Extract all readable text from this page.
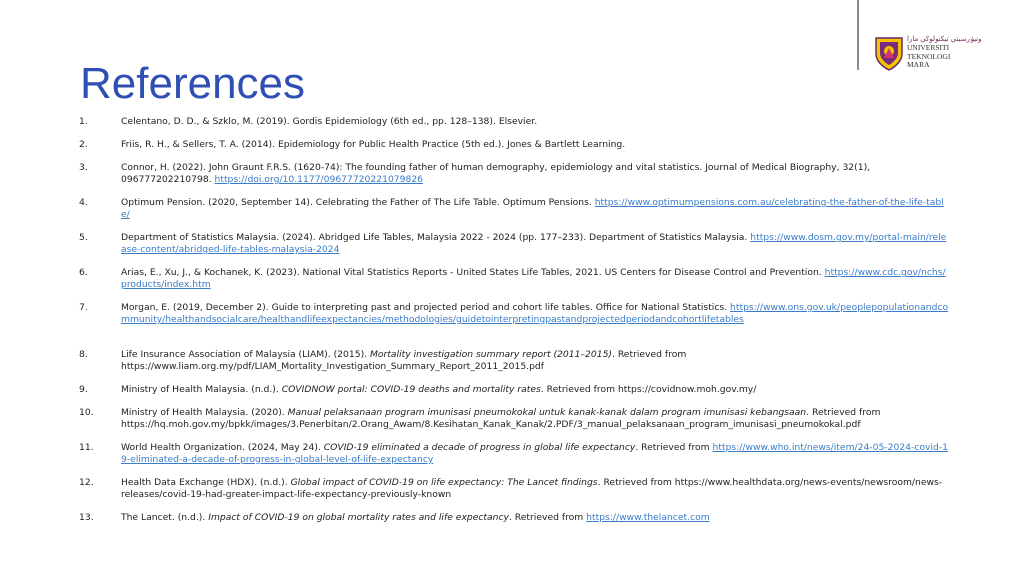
ونيۏرسيتي تيكنولوڬي مارا
UNIVERSITI
TEKNOLOGI
MARA
References
1.	Celentano, D. D., & Szklo, M. (2019). Gordis Epidemiology (6th ed., pp. 128–138). Elsevier.
2.	Friis, R. H., & Sellers, T. A. (2014). Epidemiology for Public Health Practice (5th ed.). Jones & Bartlett Learning.
3.	Connor, H. (2022). John Graunt F.R.S. (1620-74): The founding father of human demography, epidemiology and vital statistics. Journal of Medical Biography, 32(1), 096777202210798. https://doi.org/10.1177/09677720221079826
4.	Optimum Pension. (2020, September 14). Celebrating the Father of The Life Table. Optimum Pensions. https://www.optimumpensions.com.au/celebrating-the-father-of-the-life-table/
5.	Department of Statistics Malaysia. (2024). Abridged Life Tables, Malaysia 2022 - 2024 (pp. 177–233). Department of Statistics Malaysia. https://www.dosm.gov.my/portal-main/release-content/abridged-life-tables-malaysia-2024
6.	Arias, E., Xu, J., & Kochanek, K. (2023). National Vital Statistics Reports - United States Life Tables, 2021. US Centers for Disease Control and Prevention. https://www.cdc.gov/nchs/products/index.htm
7.	Morgan, E. (2019, December 2). Guide to interpreting past and projected period and cohort life tables. Office for National Statistics. https://www.ons.gov.uk/peoplepopulationandcommunity/healthandsocialcare/healthandlifeexpectancies/methodologies/guidetointerpretingpastandprojectedperiodandcohortlifetables
8.	Life Insurance Association of Malaysia (LIAM). (2015). Mortality investigation summary report (2011–2015). Retrieved from https://www.liam.org.my/pdf/LIAM_Mortality_Investigation_Summary_Report_2011_2015.pdf
9.	Ministry of Health Malaysia. (n.d.). COVIDNOW portal: COVID-19 deaths and mortality rates. Retrieved from https://covidnow.moh.gov.my/
10.	Ministry of Health Malaysia. (2020). Manual pelaksanaan program imunisasi pneumokokal untuk kanak-kanak dalam program imunisasi kebangsaan. Retrieved from https://hq.moh.gov.my/bpkk/images/3.Penerbitan/2.Orang_Awam/8.Kesihatan_Kanak_Kanak/2.PDF/3_manual_pelaksanaan_program_imunisasi_pneumokokal.pdf
11.	World Health Organization. (2024, May 24). COVID-19 eliminated a decade of progress in global life expectancy. Retrieved from https://www.who.int/news/item/24-05-2024-covid-19-eliminated-a-decade-of-progress-in-global-level-of-life-expectancy
12.	Health Data Exchange (HDX). (n.d.). Global impact of COVID-19 on life expectancy: The Lancet findings. Retrieved from https://www.healthdata.org/news-events/newsroom/news-releases/covid-19-had-greater-impact-life-expectancy-previously-known
13.	The Lancet. (n.d.). Impact of COVID-19 on global mortality rates and life expectancy. Retrieved from https://www.thelancet.com
